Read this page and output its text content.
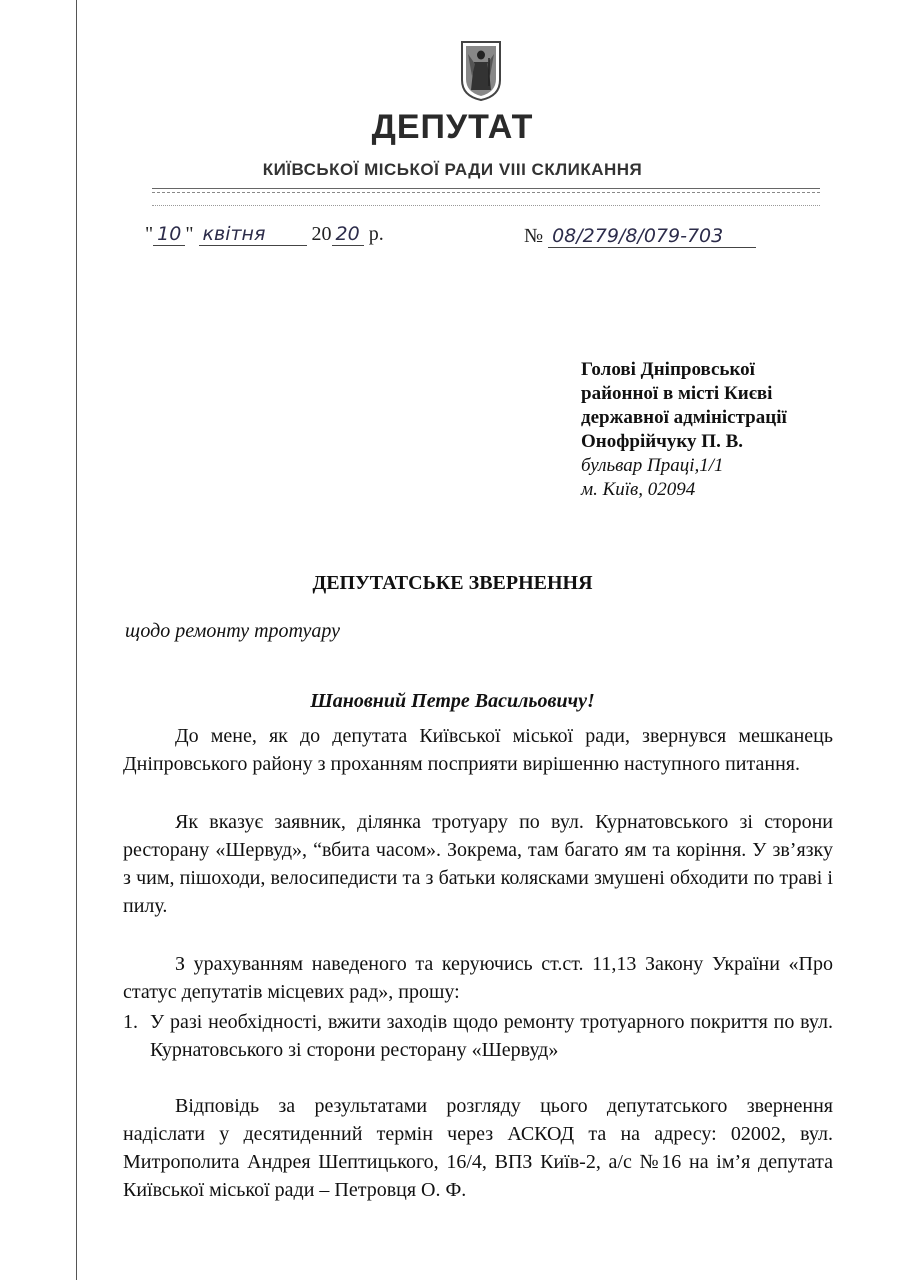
ДЕПУТАТ
КИЇВСЬКОЇ МІСЬКОЇ РАДИ VIII СКЛИКАННЯ
" 10 " квітня 20 20 р.	№ 08/279/8/079-703
Голові Дніпровської
районної в місті Києві
державної адміністрації
Онофрійчуку П. В.
бульвар Праці,1/1
м. Київ, 02094
ДЕПУТАТСЬКЕ ЗВЕРНЕННЯ
щодо ремонту тротуару
Шановний Петре Васильовичу!
До мене, як до депутата Київської міської ради, звернувся мешканець Дніпровського району з проханням посприяти вирішенню наступного питання.
Як вказує заявник, ділянка тротуару по вул. Курнатовського зі сторони ресторану «Шервуд», “вбита часом». Зокрема, там багато ям та коріння. У зв’язку з чим, пішоходи, велосипедисти та з батьки колясками змушені обходити по траві і пилу.
З урахуванням наведеного та керуючись ст.ст. 11,13 Закону України «Про статус депутатів місцевих рад», прошу:
1. У разі необхідності, вжити заходів щодо ремонту тротуарного покриття по вул. Курнатовського зі сторони ресторану «Шервуд»
Відповідь за результатами розгляду цього депутатського звернення надіслати у десятиденний термін через АСКОД та на адресу: 02002, вул. Митрополита Андрея Шептицького, 16/4, ВПЗ Київ-2, а/с №16 на ім’я депутата Київської міської ради – Петровця О. Ф.
